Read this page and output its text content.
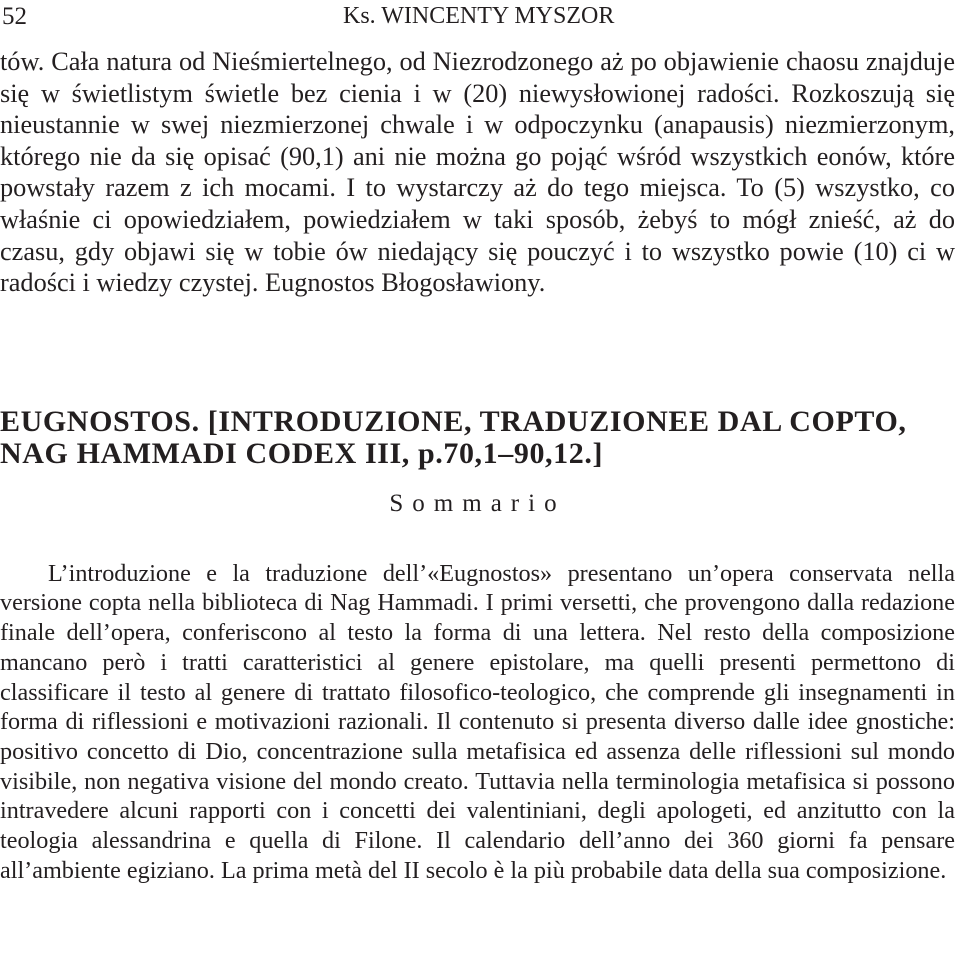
52	Ks. WINCENTY MYSZOR

tów. Cała natura od Nieśmiertelnego, od Niezrodzonego aż po objawienie chaosu znajduje się w świetlistym świetle bez cienia i w (20) niewysłowionej radości. Rozkoszują się nieustannie w swej niezmierzonej chwale i w odpoczynku (anapausis) niezmierzonym, którego nie da się opisać (90,1) ani nie można go pojąć wśród wszystkich eonów, które powstały razem z ich mocami. I to wystarczy aż do tego miejsca. To (5) wszystko, co właśnie ci opowiedziałem, powiedziałem w taki sposób, żebyś to mógł znieść, aż do czasu, gdy objawi się w tobie ów niedający się pouczyć i to wszystko powie (10) ci w radości i wiedzy czystej. Eugnostos Błogosławiony.

EUGNOSTOS. [INTRODUZIONE, TRADUZIONEE DAL COPTO, NAG HAMMADI CODEX III, p.70,1–90,12.]
Sommario

L’introduzione e la traduzione dell’«Eugnostos» presentano un’opera conservata nella versione copta nella biblioteca di Nag Hammadi. I primi versetti, che provengono dalla redazione finale dell’opera, conferiscono al testo la forma di una lettera. Nel resto della composizione mancano però i tratti caratteristici al genere epistolare, ma quelli presenti permettono di classificare il testo al genere di trattato filosofico-teologico, che comprende gli insegnamenti in forma di riflessioni e motivazioni razionali. Il contenuto si presenta diverso dalle idee gnostiche: positivo concetto di Dio, concentrazione sulla metafisica ed assenza delle riflessioni sul mondo visibile, non negativa visione del mondo creato. Tuttavia nella terminologia metafisica si possono intravedere alcuni rapporti con i concetti dei valentiniani, degli apologeti, ed anzitutto con la teologia alessandrina e quella di Filone. Il calendario dell’anno dei 360 giorni fa pensare all’ambiente egiziano. La prima metà del II secolo è la più probabile data della sua composizione.
